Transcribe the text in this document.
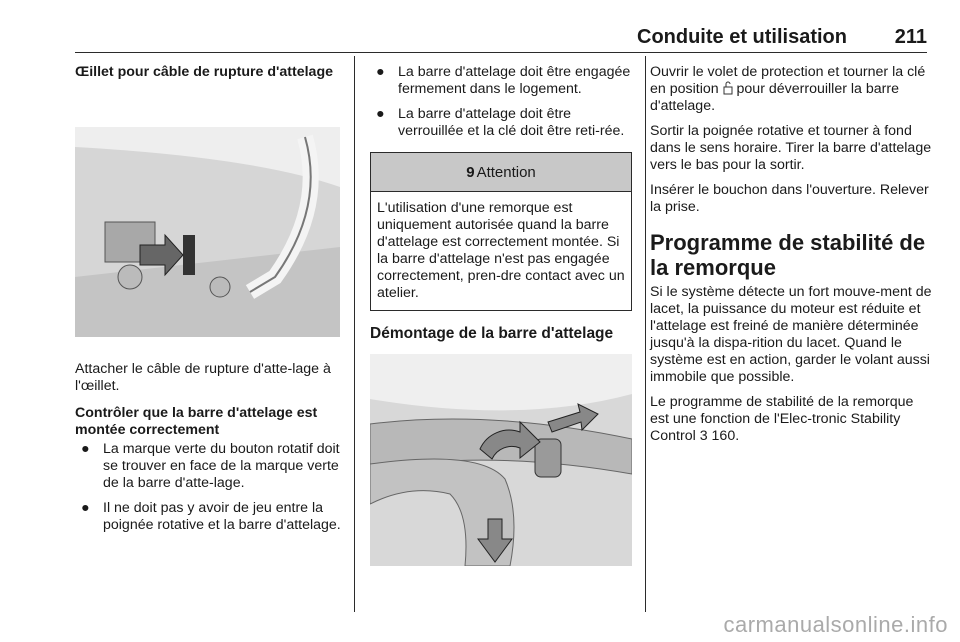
Conduite et utilisation 211

Œillet pour câble de rupture d'attelage

Attacher le câble de rupture d'atte-lage à l'œillet.

Contrôler que la barre d'attelage est montée correctement

● La marque verte du bouton rotatif doit se trouver en face de la marque verte de la barre d'atte-lage.
● Il ne doit pas y avoir de jeu entre la poignée rotative et la barre d'attelage.
● La barre d'attelage doit être engagée fermement dans le logement.
● La barre d'attelage doit être verrouillée et la clé doit être reti-rée.
9 Attention
L'utilisation d'une remorque est uniquement autorisée quand la barre d'attelage est correctement montée. Si la barre d'attelage n'est pas engagée correctement, pren-dre contact avec un atelier.

Démontage de la barre d'attelage

Ouvrir le volet de protection et tourner la clé en position pour déverrouiller la barre d'attelage.

Sortir la poignée rotative et tourner à fond dans le sens horaire. Tirer la barre d'attelage vers le bas pour la sortir.

Insérer le bouchon dans l'ouverture. Relever la prise.

Programme de stabilité de la remorque

Si le système détecte un fort mouve-ment de lacet, la puissance du moteur est réduite et l'attelage est freiné de manière déterminée jusqu'à la dispa-rition du lacet. Quand le système est en action, garder le volant aussi immobile que possible.

Le programme de stabilité de la remorque est une fonction de l'Elec-tronic Stability Control 3 160.

carmanualsonline.info
